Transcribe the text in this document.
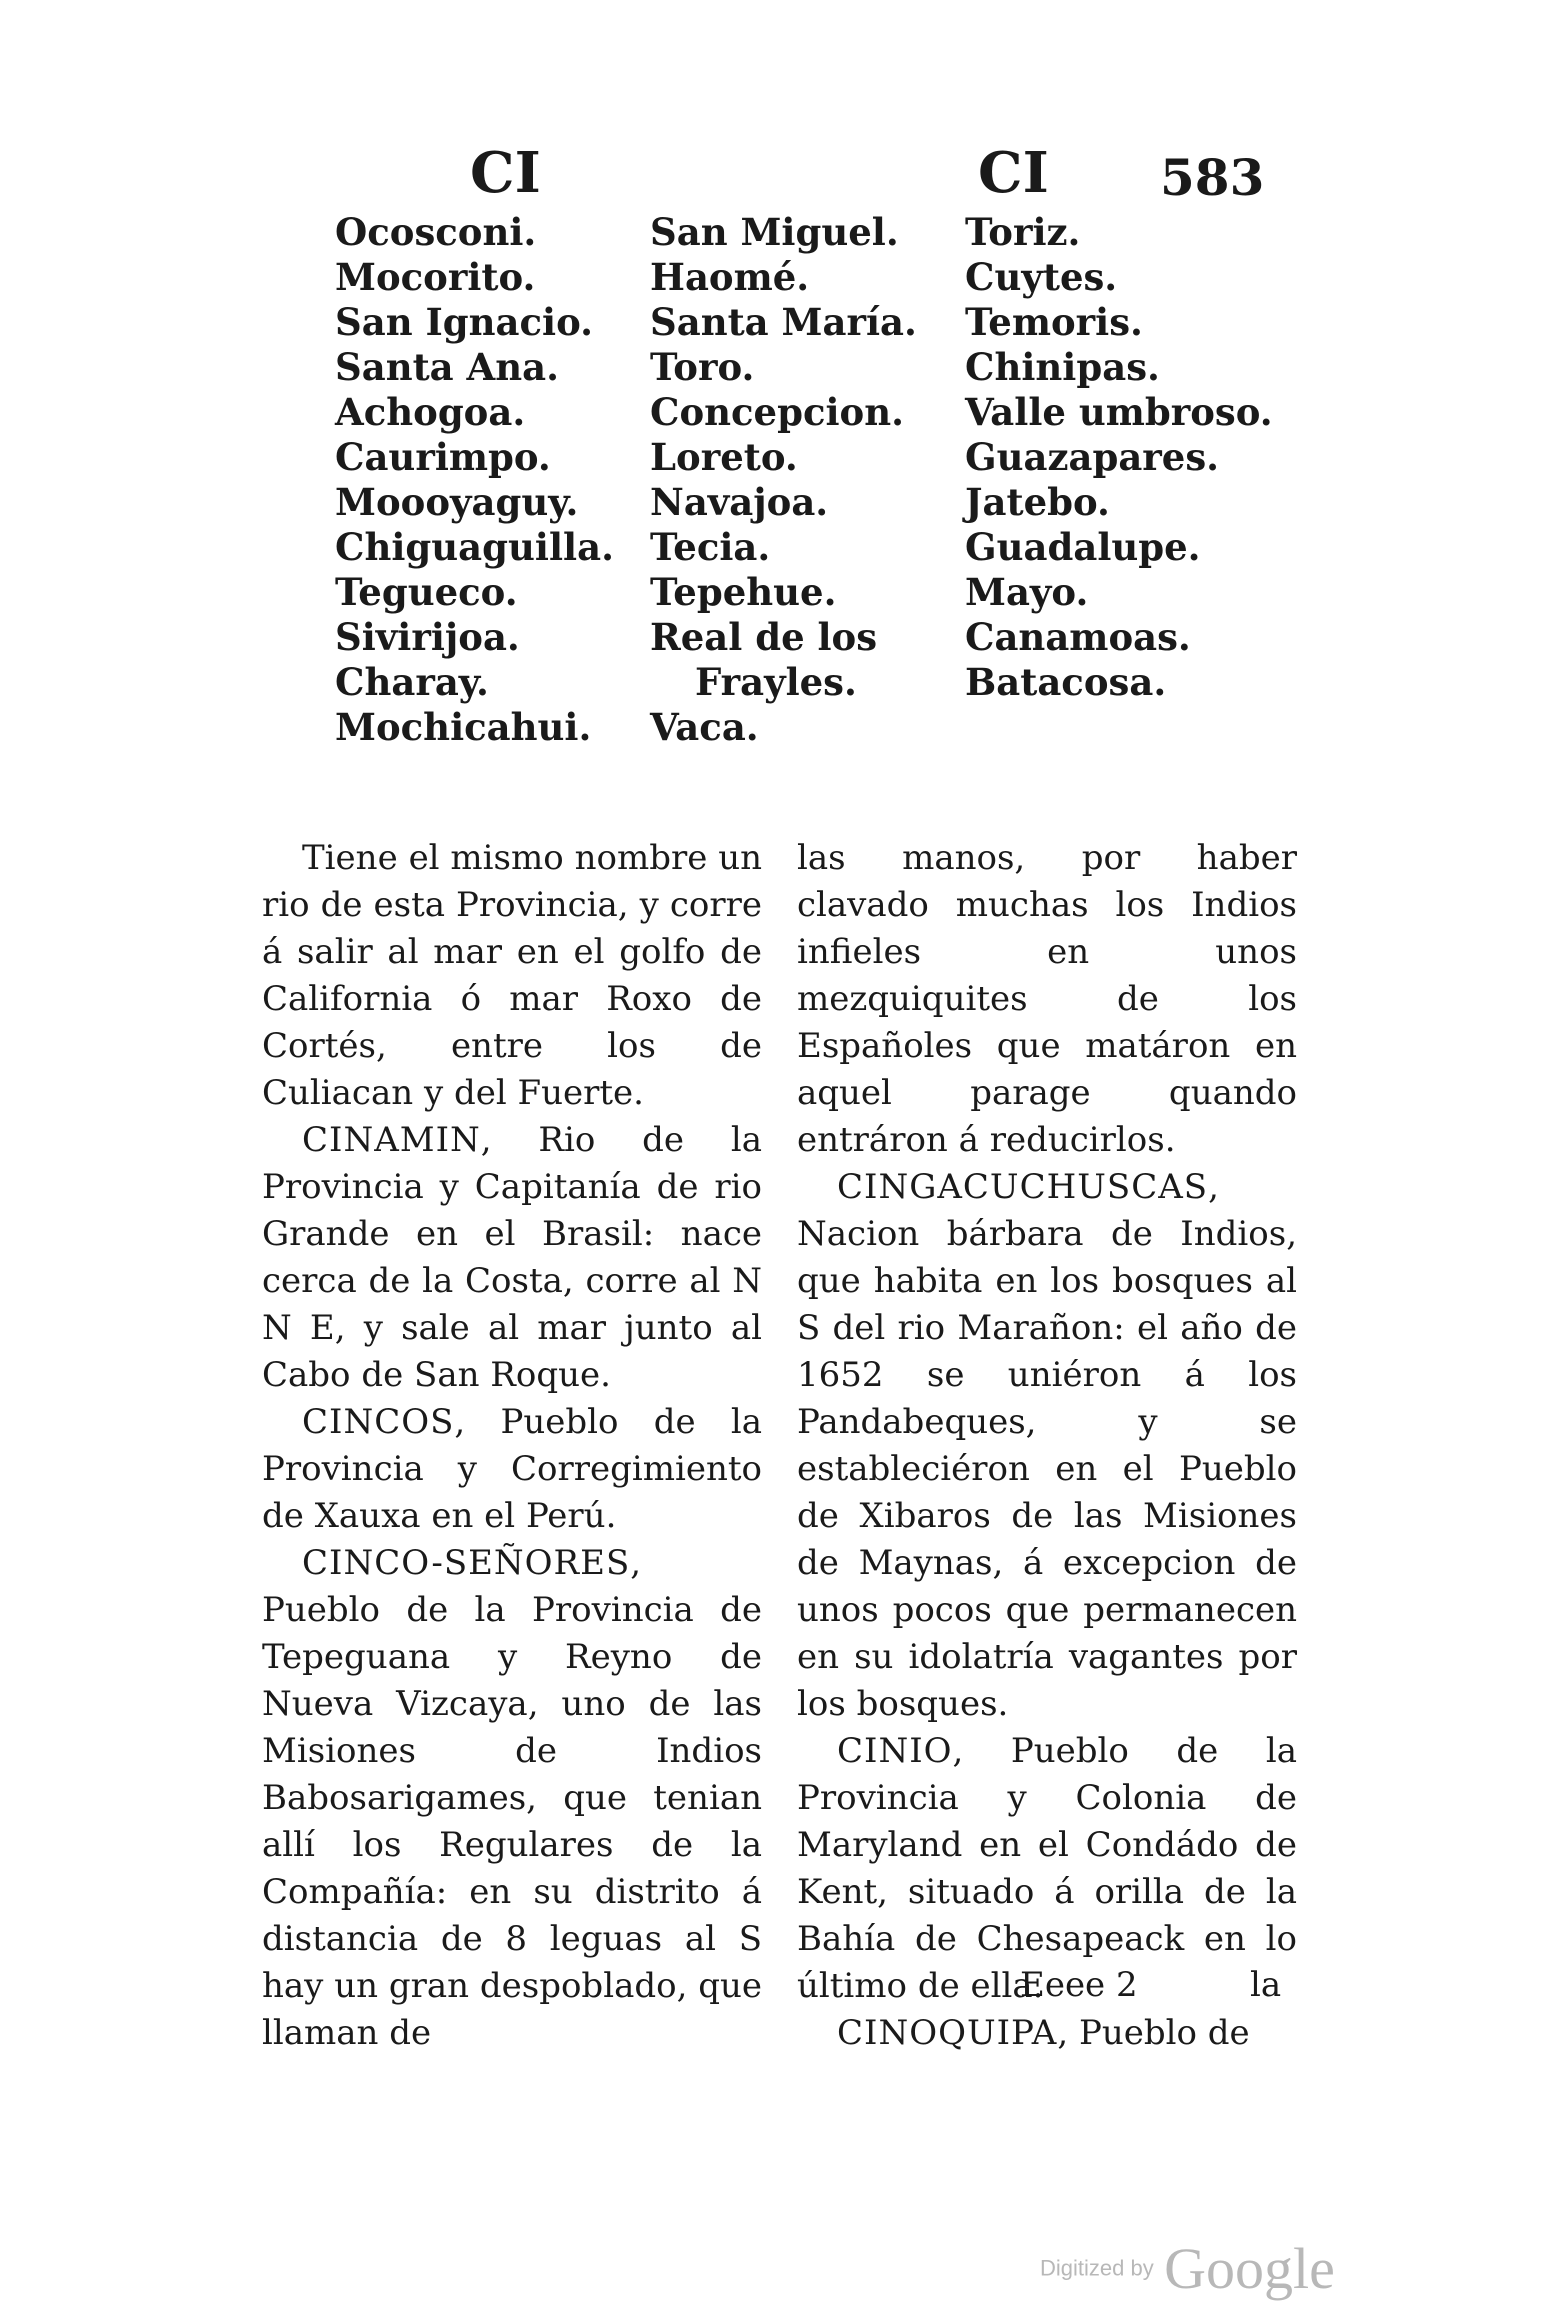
CI	CI 583
Ocosconi.
Mocorito.
San Ignacio.
Santa Ana.
Achogoa.
Caurimpo.
Moooyaguy.
Chiguaguilla.
Tegueco.
Sivirijoa.
Charay.
Mochicahui.
San Miguel.
Haomé.
Santa María.
Toro.
Concepcion.
Loreto.
Navajoa.
Tecia.
Tepehue.
Real de los
Frayles.
Vaca.
Toriz.
Cuytes.
Temoris.
Chinipas.
Valle umbroso.
Guazapares.
Jatebo.
Guadalupe.
Mayo.
Canamoas.
Batacosa.

Tiene el mismo nombre un rio de esta Provincia, y corre á salir al mar en el golfo de California ó mar Roxo de Cortés, entre los de Culiacan y del Fuerte.

CINAMIN, Rio de la Provincia y Capitanía de rio Grande en el Brasil: nace cerca de la Costa, corre al N N E, y sale al mar junto al Cabo de San Roque.

CINCOS, Pueblo de la Provincia y Corregimiento de Xauxa en el Perú.

CINCO-SEÑORES, Pueblo de la Provincia de Tepeguana y Reyno de Nueva Vizcaya, uno de las Misiones de Indios Babosarigames, que tenian allí los Regulares de la Compañía: en su distrito á distancia de 8 leguas al S hay un gran despoblado, que llaman de

las manos, por haber clavado muchas los Indios infieles en unos mezquiquites de los Españoles que matáron en aquel parage quando entráron á reducirlos.

CINGACUCHUSCAS, Nacion bárbara de Indios, que habita en los bosques al S del rio Marañon: el año de 1652 se uniéron á los Pandabeques, y se estableciéron en el Pueblo de Xibaros de las Misiones de Maynas, á excepcion de unos pocos que permanecen en su idolatría vagantes por los bosques.

CINIO, Pueblo de la Provincia y Colonia de Maryland en el Condádo de Kent, situado á orilla de la Bahía de Chesapeack en lo último de ella.

CINOQUIPA, Pueblo de

Eeee 2	la
Digitized by Google
